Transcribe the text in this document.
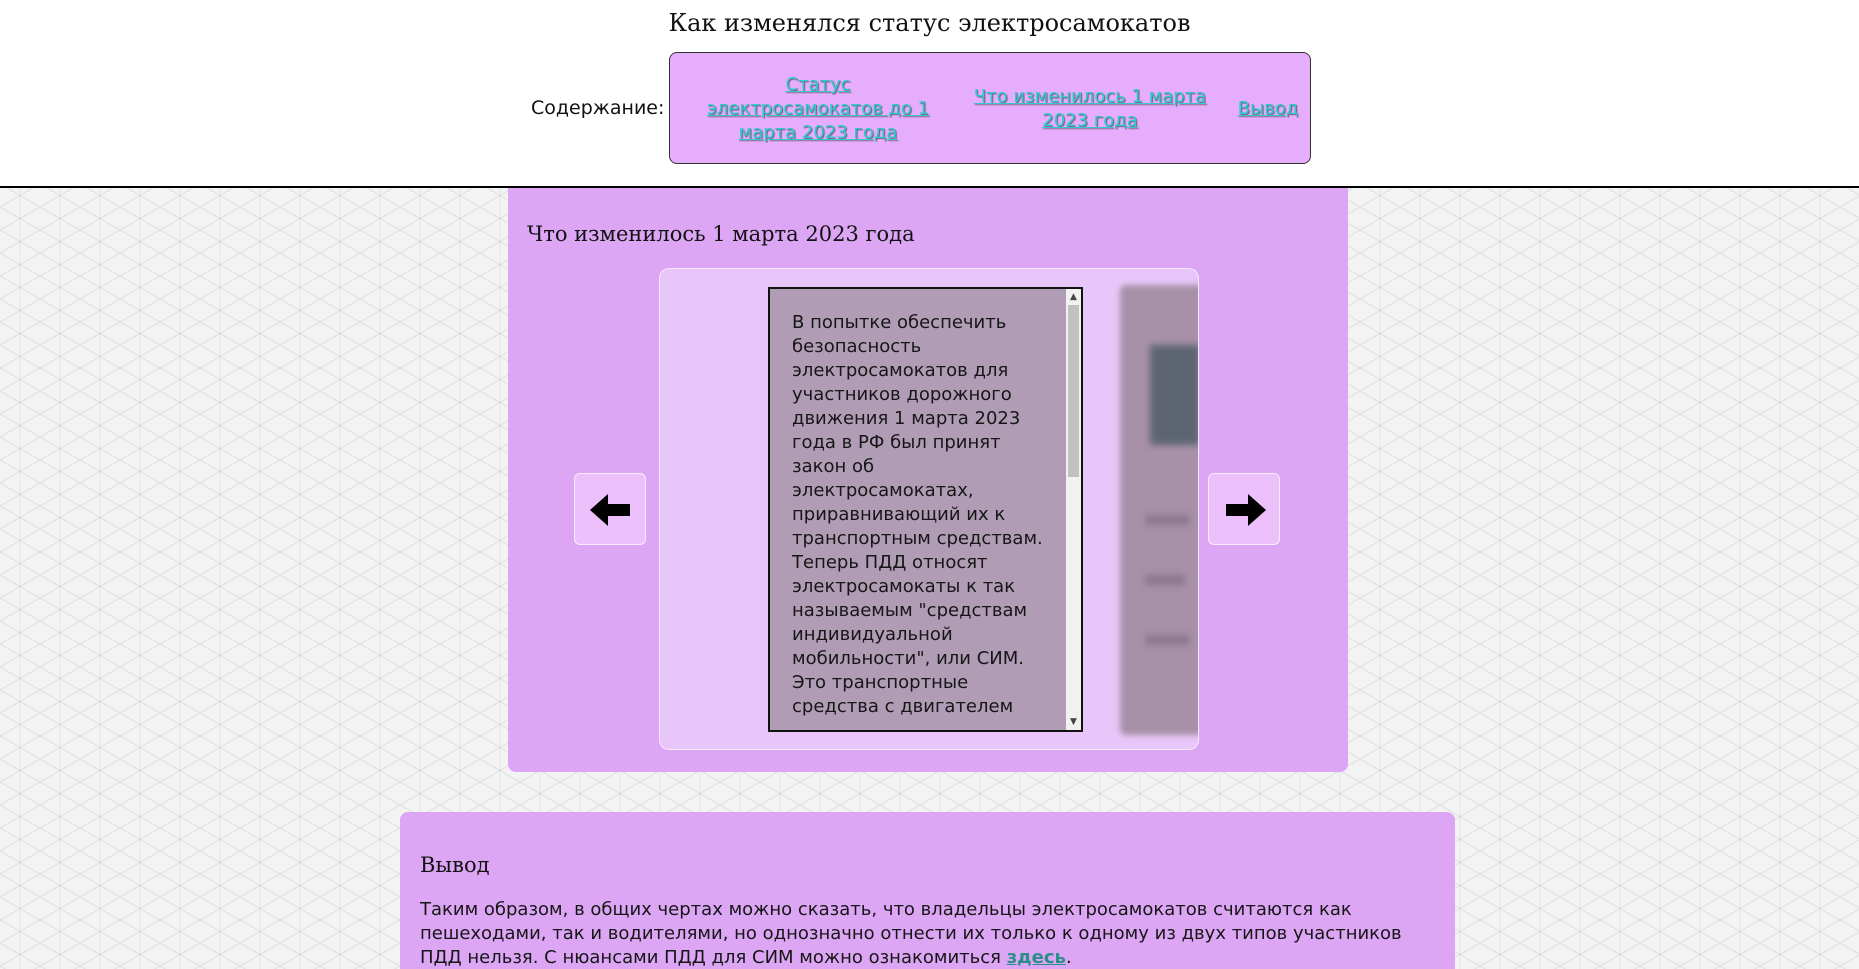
Как изменялся статус электросамокатов
Содержание:
Статус электросамокатов до 1 марта 2023 года
Что изменилось 1 марта 2023 года
Вывод
Что изменилось 1 марта 2023 года
В попытке обеспечить безопасность электросамокатов для участников дорожного движения 1 марта 2023 года в РФ был принят закон об электросамокатах, приравнивающий их к транспортным средствам.
Теперь ПДД относят электросамокаты к так называемым "средствам индивидуальной мобильности", или СИМ. Это транспортные средства с двигателем
▲
▼
Вывод

Таким образом, в общих чертах можно сказать, что владельцы электросамокатов считаются как пешеходами, так и водителями, но однозначно отнести их только к одному из двух типов участников ПДД нельзя. С нюансами ПДД для СИМ можно ознакомиться здесь.
